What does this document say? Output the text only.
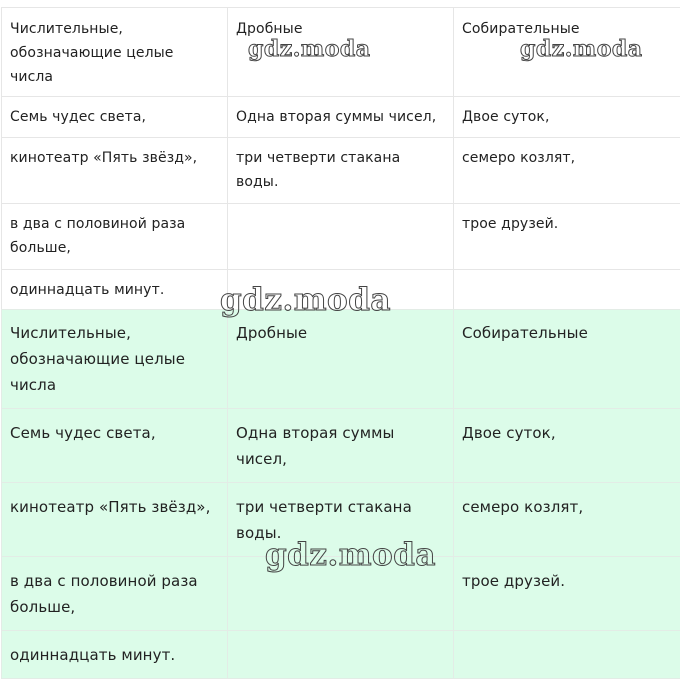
Числительные, обозначающие целые числа	Дробные	Собирательные
Семь чудес света,	Одна вторая суммы чисел,	Двое суток,
кинотеатр «Пять звёзд»,	три четверти стакана воды.	семеро козлят,
в два с половиной раза больше,		трое друзей.
одиннадцать минут.		
Числительные, обозначающие целые числа	Дробные	Собирательные
Семь чудес света,	Одна вторая суммы чисел,	Двое суток,
кинотеатр «Пять звёзд»,	три четверти стакана воды.	семеро козлят,
в два с половиной раза больше,		трое друзей.
одиннадцать минут.		
gdz.moda	gdz.moda
gdz.moda
